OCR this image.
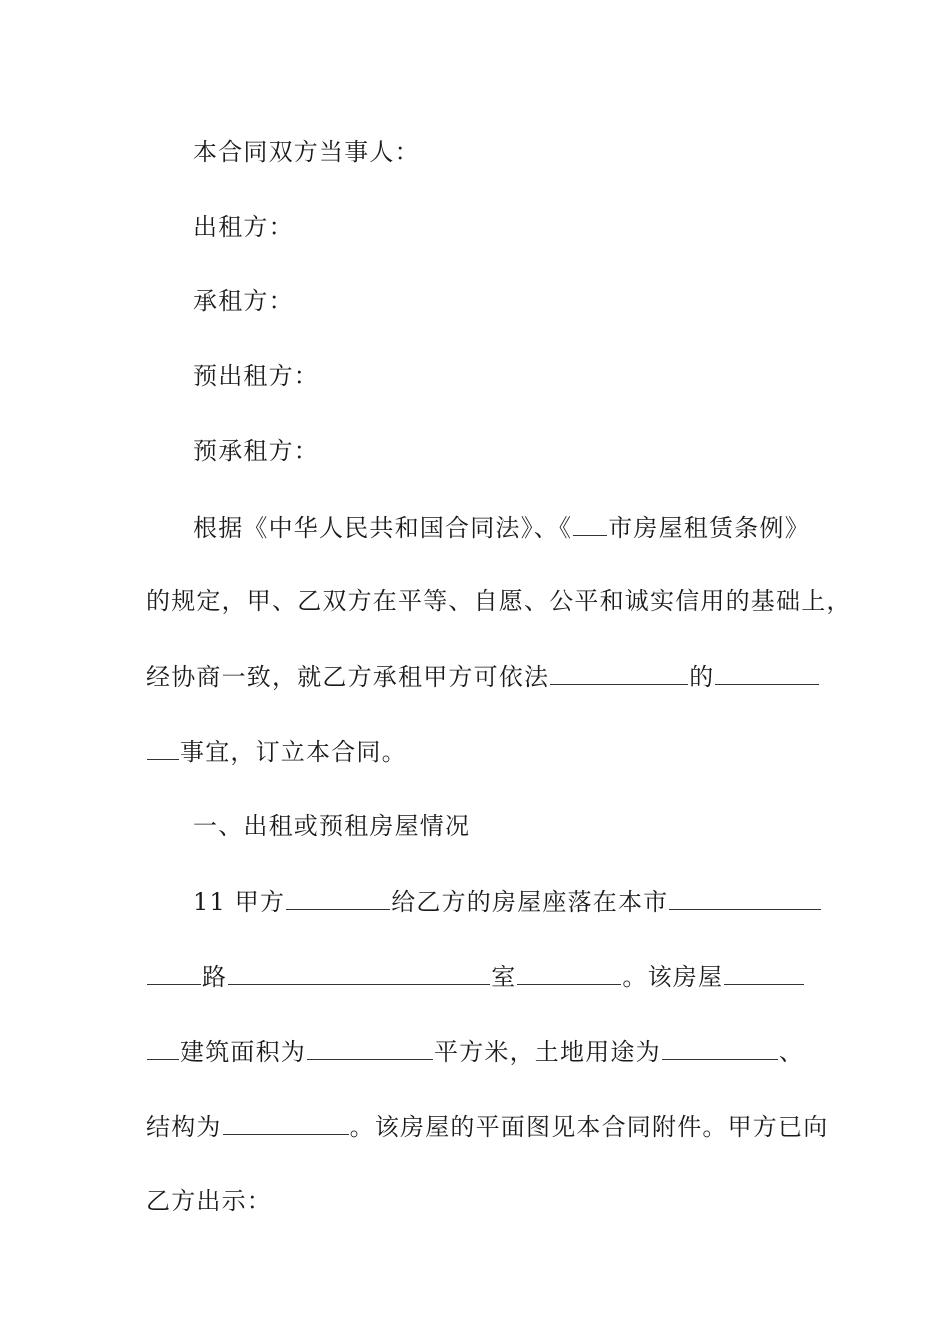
本合同双方当事人：
出租方：
承租方：
预出租方：
预承租方：
根据《中华人民共和国合同法》、《 市房屋租赁条例》
的规定，甲、乙双方在平等、自愿、公平和诚实信用的基础上，
经协商一致，就乙方承租甲方可依法	的
事宜，订立本合同。
一、出租或预租房屋情况
11 甲方	给乙方的房屋座落在本市
路	室	。该房屋
建筑面积为	平方米，土地用途为	、
结构为	。该房屋的平面图见本合同附件。甲方已向
乙方出示：
